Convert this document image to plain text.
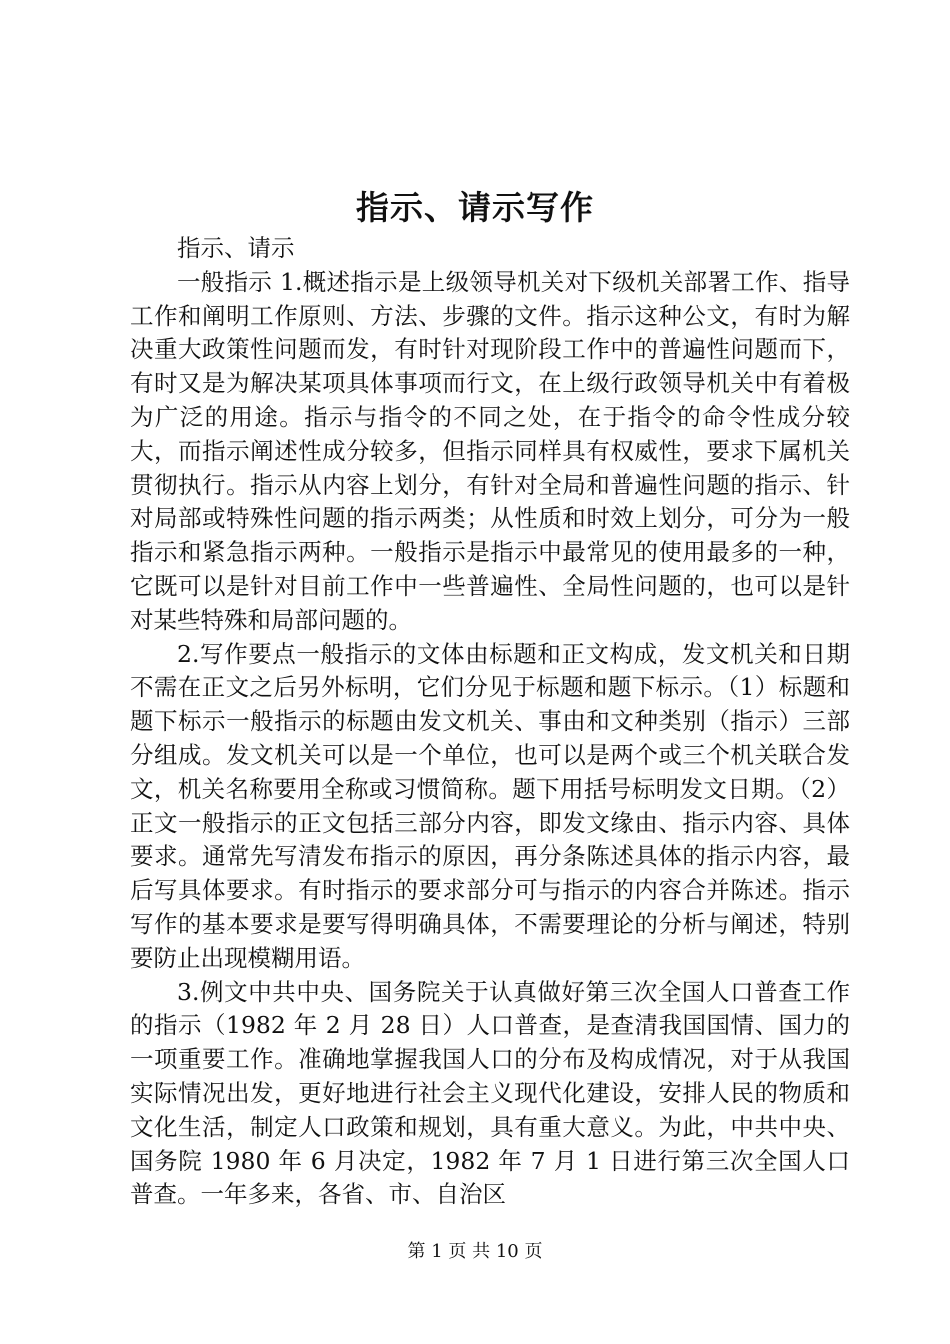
指示、请示写作

指示、请示

一般指示 1.概述指示是上级领导机关对下级机关部署工作、指导工作和阐明工作原则、方法、步骤的文件。指示这种公文，有时为解决重大政策性问题而发，有时针对现阶段工作中的普遍性问题而下，有时又是为解决某项具体事项而行文，在上级行政领导机关中有着极为广泛的用途。指示与指令的不同之处，在于指令的命令性成分较大，而指示阐述性成分较多，但指示同样具有权威性，要求下属机关贯彻执行。指示从内容上划分，有针对全局和普遍性问题的指示、针对局部或特殊性问题的指示两类；从性质和时效上划分，可分为一般指示和紧急指示两种。一般指示是指示中最常见的使用最多的一种，它既可以是针对目前工作中一些普遍性、全局性问题的，也可以是针对某些特殊和局部问题的。

2.写作要点一般指示的文体由标题和正文构成，发文机关和日期不需在正文之后另外标明，它们分见于标题和题下标示。（1）标题和题下标示一般指示的标题由发文机关、事由和文种类别（指示）三部分组成。发文机关可以是一个单位，也可以是两个或三个机关联合发文，机关名称要用全称或习惯简称。题下用括号标明发文日期。（2）正文一般指示的正文包括三部分内容，即发文缘由、指示内容、具体要求。通常先写清发布指示的原因，再分条陈述具体的指示内容，最后写具体要求。有时指示的要求部分可与指示的内容合并陈述。指示写作的基本要求是要写得明确具体，不需要理论的分析与阐述，特别要防止出现模糊用语。

3.例文中共中央、国务院关于认真做好第三次全国人口普查工作的指示（1982 年 2 月 28 日）人口普查，是查清我国国情、国力的一项重要工作。准确地掌握我国人口的分布及构成情况，对于从我国实际情况出发，更好地进行社会主义现代化建设，安排人民的物质和文化生活，制定人口政策和规划，具有重大意义。为此，中共中央、国务院 1980 年 6 月决定，1982 年 7 月 1 日进行第三次全国人口普查。一年多来，各省、市、自治区

第 1 页 共 10 页
